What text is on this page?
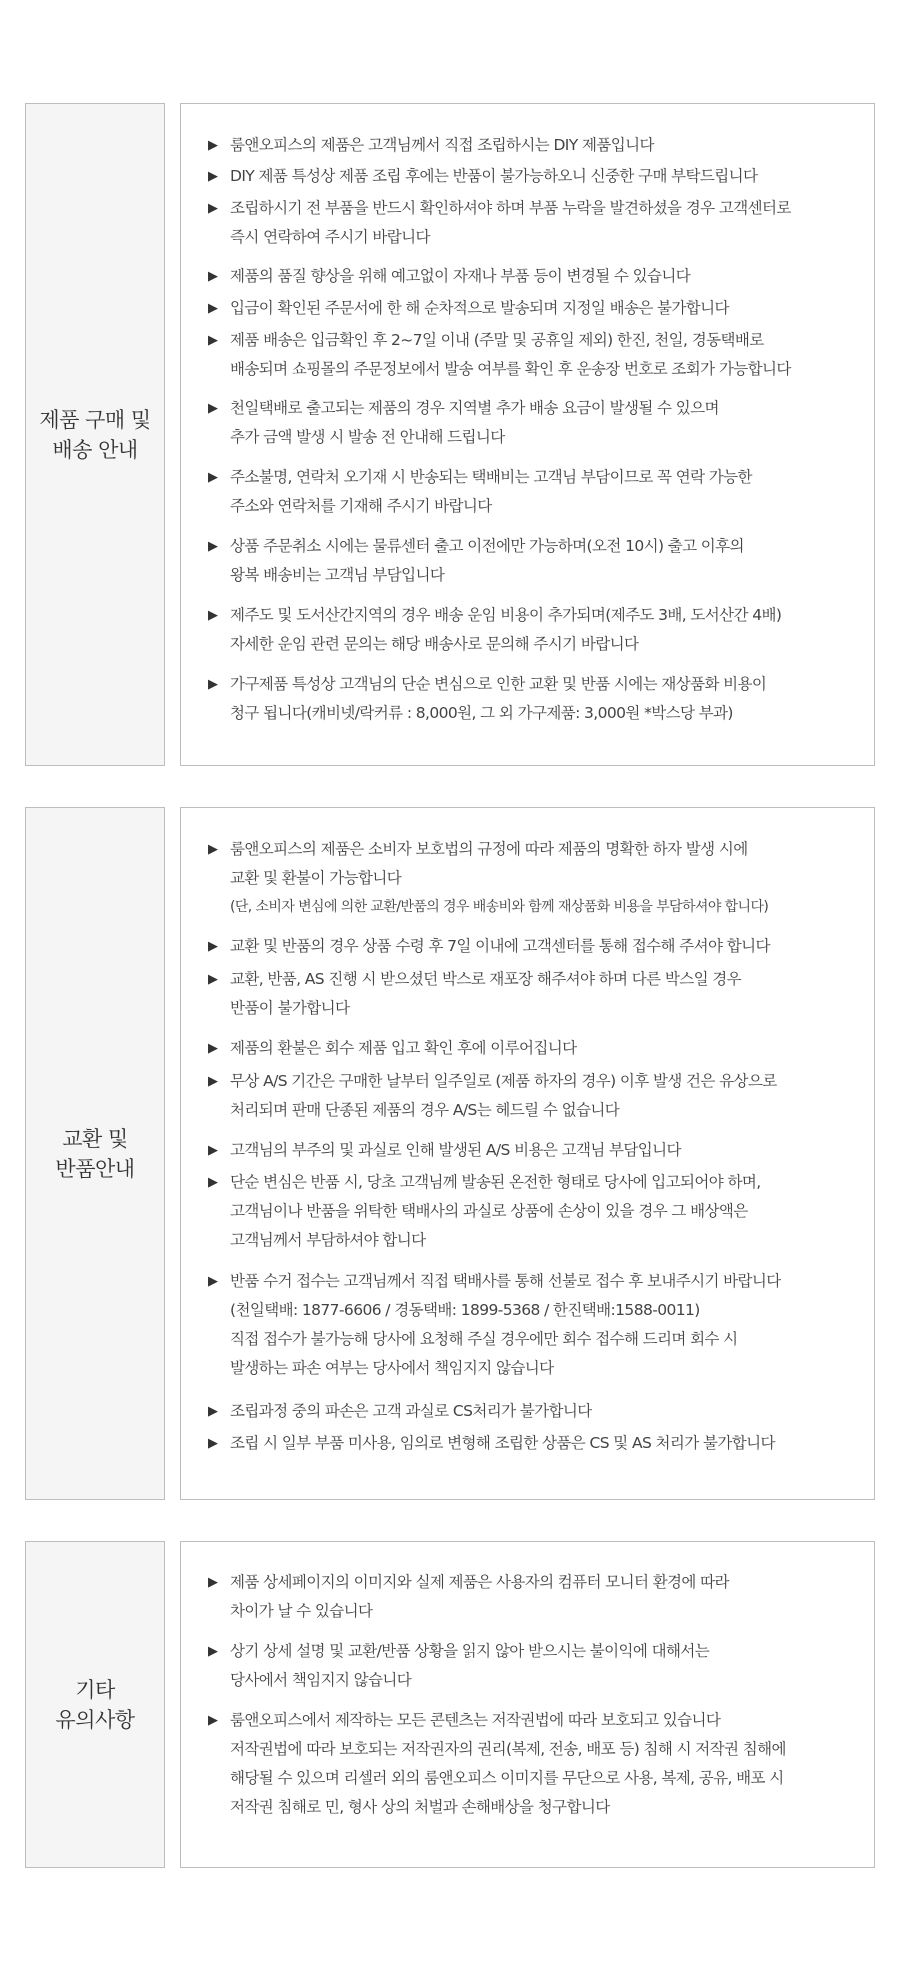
제품 구매 및
배송 안내
▶ 룸앤오피스의 제품은 고객님께서 직접 조립하시는 DIY 제품입니다
▶ DIY 제품 특성상 제품 조립 후에는 반품이 불가능하오니 신중한 구매 부탁드립니다
▶ 조립하시기 전 부품을 반드시 확인하셔야 하며 부품 누락을 발견하셨을 경우 고객센터로
즉시 연락하여 주시기 바랍니다
▶ 제품의 품질 향상을 위해 예고없이 자재나 부품 등이 변경될 수 있습니다
▶ 입금이 확인된 주문서에 한 해 순차적으로 발송되며 지정일 배송은 불가합니다
▶ 제품 배송은 입금확인 후 2~7일 이내 (주말 및 공휴일 제외) 한진, 천일, 경동택배로
배송되며 쇼핑몰의 주문정보에서 발송 여부를 확인 후 운송장 번호로 조회가 가능합니다
▶ 천일택배로 출고되는 제품의 경우 지역별 추가 배송 요금이 발생될 수 있으며
추가 금액 발생 시 발송 전 안내해 드립니다
▶ 주소불명, 연락처 오기재 시 반송되는 택배비는 고객님 부담이므로 꼭 연락 가능한
주소와 연락처를 기재해 주시기 바랍니다
▶ 상품 주문취소 시에는 물류센터 출고 이전에만 가능하며(오전 10시) 출고 이후의
왕복 배송비는 고객님 부담입니다
▶ 제주도 및 도서산간지역의 경우 배송 운임 비용이 추가되며(제주도 3배, 도서산간 4배)
자세한 운임 관련 문의는 해당 배송사로 문의해 주시기 바랍니다
▶ 가구제품 특성상 고객님의 단순 변심으로 인한 교환 및 반품 시에는 재상품화 비용이
청구 됩니다(캐비넷/락커류 : 8,000원, 그 외 가구제품: 3,000원 *박스당 부과)
교환 및
반품안내
▶ 룸앤오피스의 제품은 소비자 보호법의 규정에 따라 제품의 명확한 하자 발생 시에
교환 및 환불이 가능합니다
(단, 소비자 변심에 의한 교환/반품의 경우 배송비와 함께 재상품화 비용을 부담하셔야 합니다)
▶ 교환 및 반품의 경우 상품 수령 후 7일 이내에 고객센터를 통해 접수해 주셔야 합니다
▶ 교환, 반품, AS 진행 시 받으셨던 박스로 재포장 해주셔야 하며 다른 박스일 경우
반품이 불가합니다
▶ 제품의 환불은 회수 제품 입고 확인 후에 이루어집니다
▶ 무상 A/S 기간은 구매한 날부터 일주일로 (제품 하자의 경우) 이후 발생 건은 유상으로
처리되며 판매 단종된 제품의 경우 A/S는 헤드릴 수 없습니다
▶ 고객님의 부주의 및 과실로 인해 발생된 A/S 비용은 고객님 부담입니다
▶ 단순 변심은 반품 시, 당초 고객님께 발송된 온전한 형태로 당사에 입고되어야 하며,
고객님이나 반품을 위탁한 택배사의 과실로 상품에 손상이 있을 경우 그 배상액은
고객님께서 부담하셔야 합니다
▶ 반품 수거 접수는 고객님께서 직접 택배사를 통해 선불로 접수 후 보내주시기 바랍니다
(천일택배: 1877-6606 / 경동택배: 1899-5368 / 한진택배:1588-0011)
직접 접수가 불가능해 당사에 요청해 주실 경우에만 회수 접수해 드리며 회수 시
발생하는 파손 여부는 당사에서 책임지지 않습니다
▶ 조립과정 중의 파손은 고객 과실로 CS처리가 불가합니다
▶ 조립 시 일부 부품 미사용, 임의로 변형해 조립한 상품은 CS 및 AS 처리가 불가합니다
기타
유의사항
▶ 제품 상세페이지의 이미지와 실제 제품은 사용자의 컴퓨터 모니터 환경에 따라
차이가 날 수 있습니다
▶ 상기 상세 설명 및 교환/반품 상황을 읽지 않아 받으시는 불이익에 대해서는
당사에서 책임지지 않습니다
▶ 룸앤오피스에서 제작하는 모든 콘텐츠는 저작권법에 따라 보호되고 있습니다
저작권법에 따라 보호되는 저작권자의 권리(복제, 전송, 배포 등) 침해 시 저작권 침해에
해당될 수 있으며 리셀러 외의 룸앤오피스 이미지를 무단으로 사용, 복제, 공유, 배포 시
저작권 침해로 민, 형사 상의 처벌과 손해배상을 청구합니다
